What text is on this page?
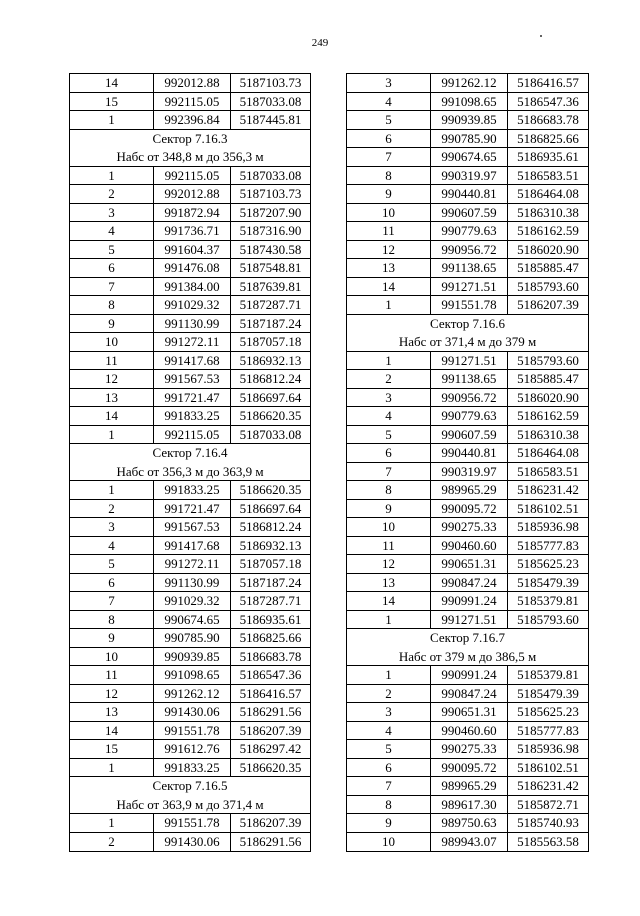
249
14	992012.88	5187103.73
15	992115.05	5187033.08
1	992396.84	5187445.81
Сектор 7.16.3
Набс от 348,8 м до 356,3 м
1	992115.05	5187033.08
2	992012.88	5187103.73
3	991872.94	5187207.90
4	991736.71	5187316.90
5	991604.37	5187430.58
6	991476.08	5187548.81
7	991384.00	5187639.81
8	991029.32	5187287.71
9	991130.99	5187187.24
10	991272.11	5187057.18
11	991417.68	5186932.13
12	991567.53	5186812.24
13	991721.47	5186697.64
14	991833.25	5186620.35
1	992115.05	5187033.08
Сектор 7.16.4
Набс от 356,3 м до 363,9 м
1	991833.25	5186620.35
2	991721.47	5186697.64
3	991567.53	5186812.24
4	991417.68	5186932.13
5	991272.11	5187057.18
6	991130.99	5187187.24
7	991029.32	5187287.71
8	990674.65	5186935.61
9	990785.90	5186825.66
10	990939.85	5186683.78
11	991098.65	5186547.36
12	991262.12	5186416.57
13	991430.06	5186291.56
14	991551.78	5186207.39
15	991612.76	5186297.42
1	991833.25	5186620.35
Сектор 7.16.5
Набс от 363,9 м до 371,4 м
1	991551.78	5186207.39
2	991430.06	5186291.56
3	991262.12	5186416.57
4	991098.65	5186547.36
5	990939.85	5186683.78
6	990785.90	5186825.66
7	990674.65	5186935.61
8	990319.97	5186583.51
9	990440.81	5186464.08
10	990607.59	5186310.38
11	990779.63	5186162.59
12	990956.72	5186020.90
13	991138.65	5185885.47
14	991271.51	5185793.60
1	991551.78	5186207.39
Сектор 7.16.6
Набс от 371,4 м до 379 м
1	991271.51	5185793.60
2	991138.65	5185885.47
3	990956.72	5186020.90
4	990779.63	5186162.59
5	990607.59	5186310.38
6	990440.81	5186464.08
7	990319.97	5186583.51
8	989965.29	5186231.42
9	990095.72	5186102.51
10	990275.33	5185936.98
11	990460.60	5185777.83
12	990651.31	5185625.23
13	990847.24	5185479.39
14	990991.24	5185379.81
1	991271.51	5185793.60
Сектор 7.16.7
Набс от 379 м до 386,5 м
1	990991.24	5185379.81
2	990847.24	5185479.39
3	990651.31	5185625.23
4	990460.60	5185777.83
5	990275.33	5185936.98
6	990095.72	5186102.51
7	989965.29	5186231.42
8	989617.30	5185872.71
9	989750.63	5185740.93
10	989943.07	5185563.58
